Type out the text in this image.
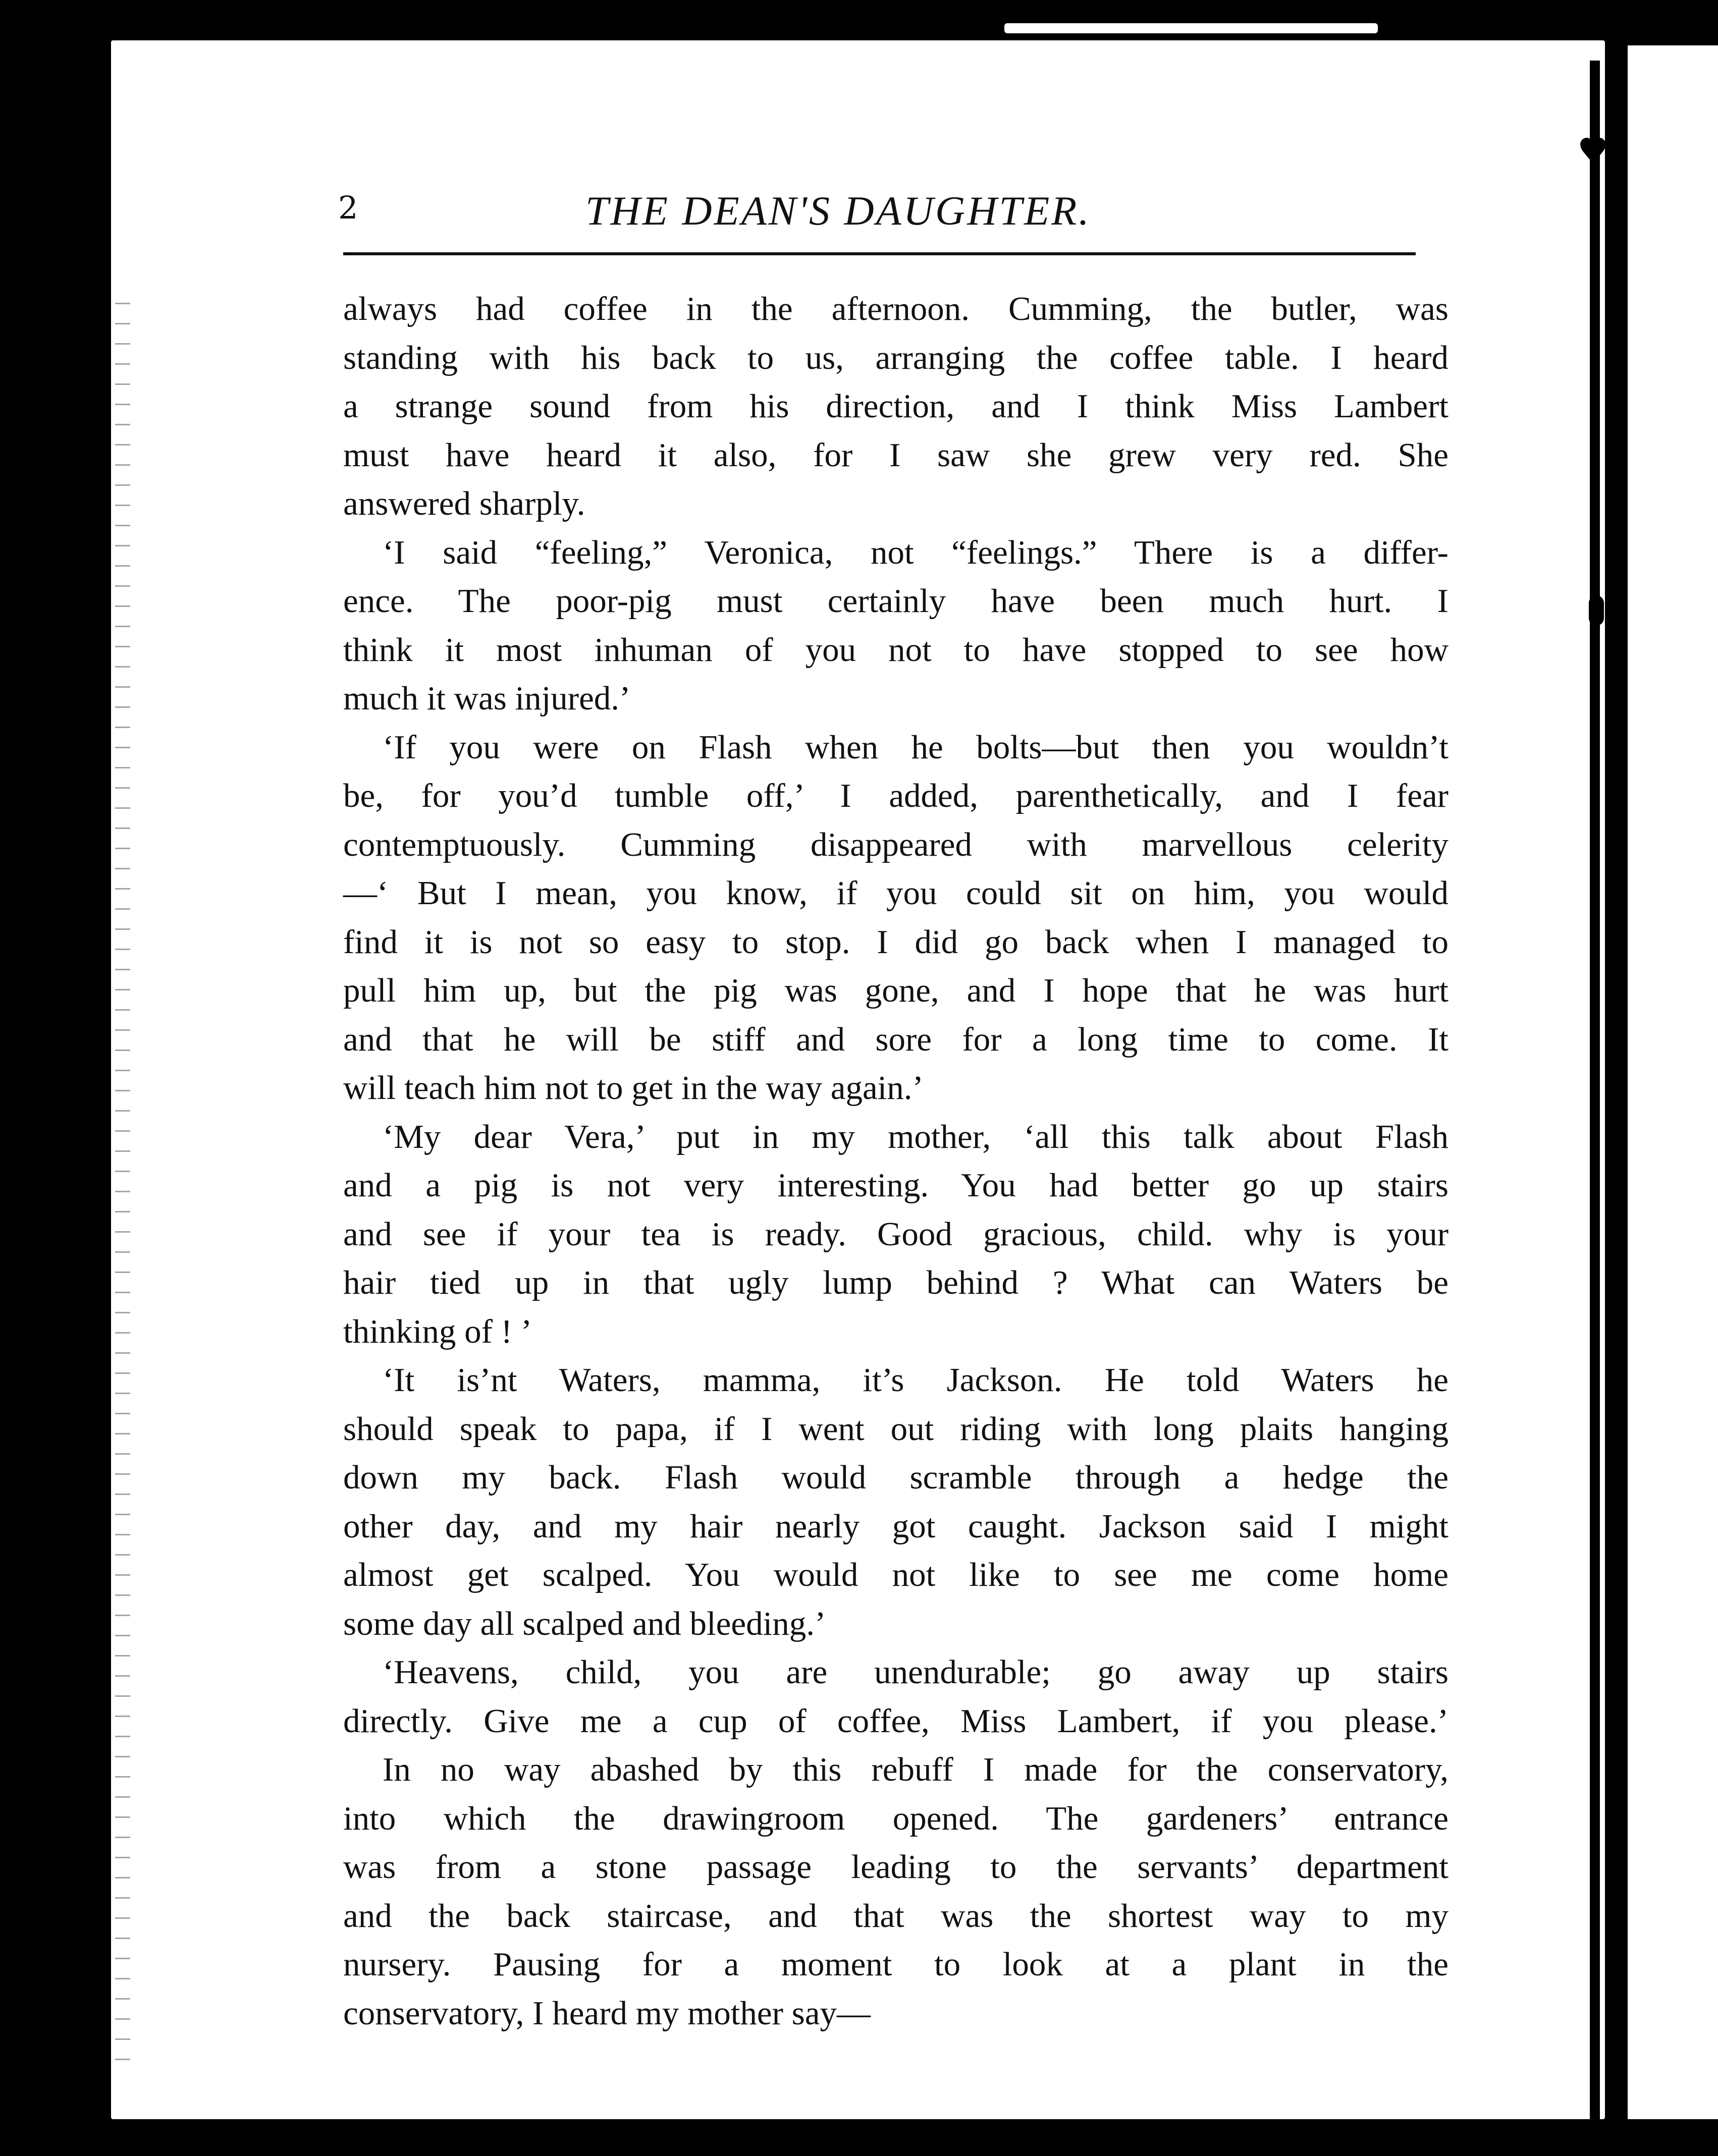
♥
2	THE DEAN'S DAUGHTER.
always had coffee in the afternoon. Cumming, the butler, was
standing with his back to us, arranging the coffee table. I heard
a strange sound from his direction, and I think Miss Lambert
must have heard it also, for I saw she grew very red. She
answered sharply.
‘I said “feeling,” Veronica, not “feelings.” There is a differ-
ence. The poor-pig must certainly have been much hurt. I
think it most inhuman of you not to have stopped to see how
much it was injured.’
‘If you were on Flash when he bolts—but then you wouldn’t
be, for you’d tumble off,’ I added, parenthetically, and I fear
contemptuously. Cumming disappeared with marvellous celerity
—‘ But I mean, you know, if you could sit on him, you would
find it is not so easy to stop. I did go back when I managed to
pull him up, but the pig was gone, and I hope that he was hurt
and that he will be stiff and sore for a long time to come. It
will teach him not to get in the way again.’
‘My dear Vera,’ put in my mother, ‘all this talk about Flash
and a pig is not very interesting. You had better go up stairs
and see if your tea is ready. Good gracious, child. why is your
hair tied up in that ugly lump behind ? What can Waters be
thinking of ! ’
‘It is’nt Waters, mamma, it’s Jackson. He told Waters he
should speak to papa, if I went out riding with long plaits hanging
down my back. Flash would scramble through a hedge the
other day, and my hair nearly got caught. Jackson said I might
almost get scalped. You would not like to see me come home
some day all scalped and bleeding.’
‘Heavens, child, you are unendurable; go away up stairs
directly. Give me a cup of coffee, Miss Lambert, if you please.’
In no way abashed by this rebuff I made for the conservatory,
into which the drawingroom opened. The gardeners’ entrance
was from a stone passage leading to the servants’ department
and the back staircase, and that was the shortest way to my
nursery. Pausing for a moment to look at a plant in the
conservatory, I heard my mother say—
